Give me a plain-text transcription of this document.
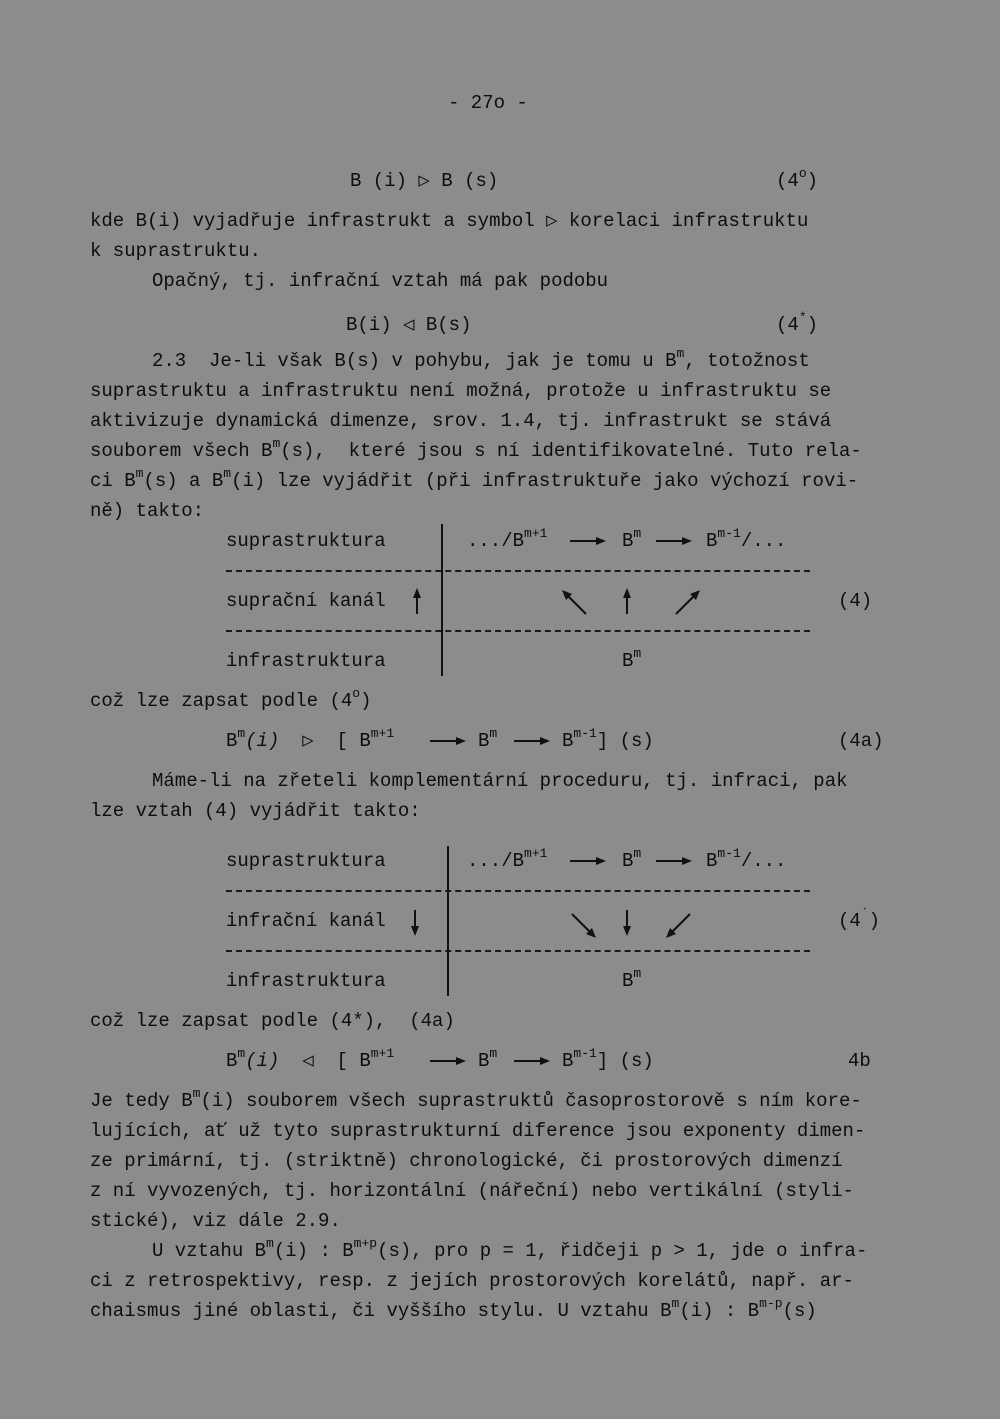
- 27o -
B (i) ▷ B (s)	(4$^o$)
kde B(i) vyjadřuje infrastrukt a symbol ▷ korelaci infrastruktu
k suprastruktu.
Opačný, tj. infrační vztah má pak podobu
B(i) ◁ B(s)	(4*)
2.3  Je-li však B(s) v pohybu, jak je tomu u $B^m$, totožnost
suprastruktu a infrastruktu není možná, protože u infrastruktu se
aktivizuje dynamická dimenze, srov. 1.4, tj. infrastrukt se stává
souborem všech $B^m(s)$,  které jsou s ní identifikovatelné. Tuto rela-
ci $B^m(s)$ a $B^m(i)$ lze vyjádřit (při infrastruktuře jako výchozí rovi-
ně) takto:
suprastruktura	$.../B^{m+1}$	$B^m$	$B^{m-1}/$...
suprační kanál	(4)
infrastruktura	$B^m$
což lze zapsat podle (4$^o$)
$B^m(i)$ ▷ [ $B^{m+1}$	$B^m$	$B^{m-1}$] (s)	(4a)
Máme-li na zřeteli komplementární proceduru, tj. infraci, pak
lze vztah (4) vyjádřit takto:
suprastruktura	$.../B^{m+1}$	$B^m$	$B^{m-1}/$...
infrační kanál	(4´)
infrastruktura	$B^m$
což lze zapsat podle (4*),  (4a)
$B^m(i)$ ◁ [ $B^{m+1}$	$B^m$	$B^{m-1}$] (s)	4b
Je tedy $B^m(i)$ souborem všech suprastruktů časoprostorově s ním kore-
lujících, ať už tyto suprastrukturní diference jsou exponenty dimen-
ze primární, tj. (striktně) chronologické, či prostorových dimenzí
z ní vyvozených, tj. horizontální (nářeční) nebo vertikální (styli-
stické), viz dále 2.9.
U vztahu $B^m(i)$ : $B^{m+p}(s)$, pro p = 1, řidčeji p > 1, jde o infra-
ci z retrospektivy, resp. z jejích prostorových korelátů, např. ar-
chaismus jiné oblasti, či vyššího stylu. U vztahu $B^m(i)$ : $B^{m-p}(s)$
